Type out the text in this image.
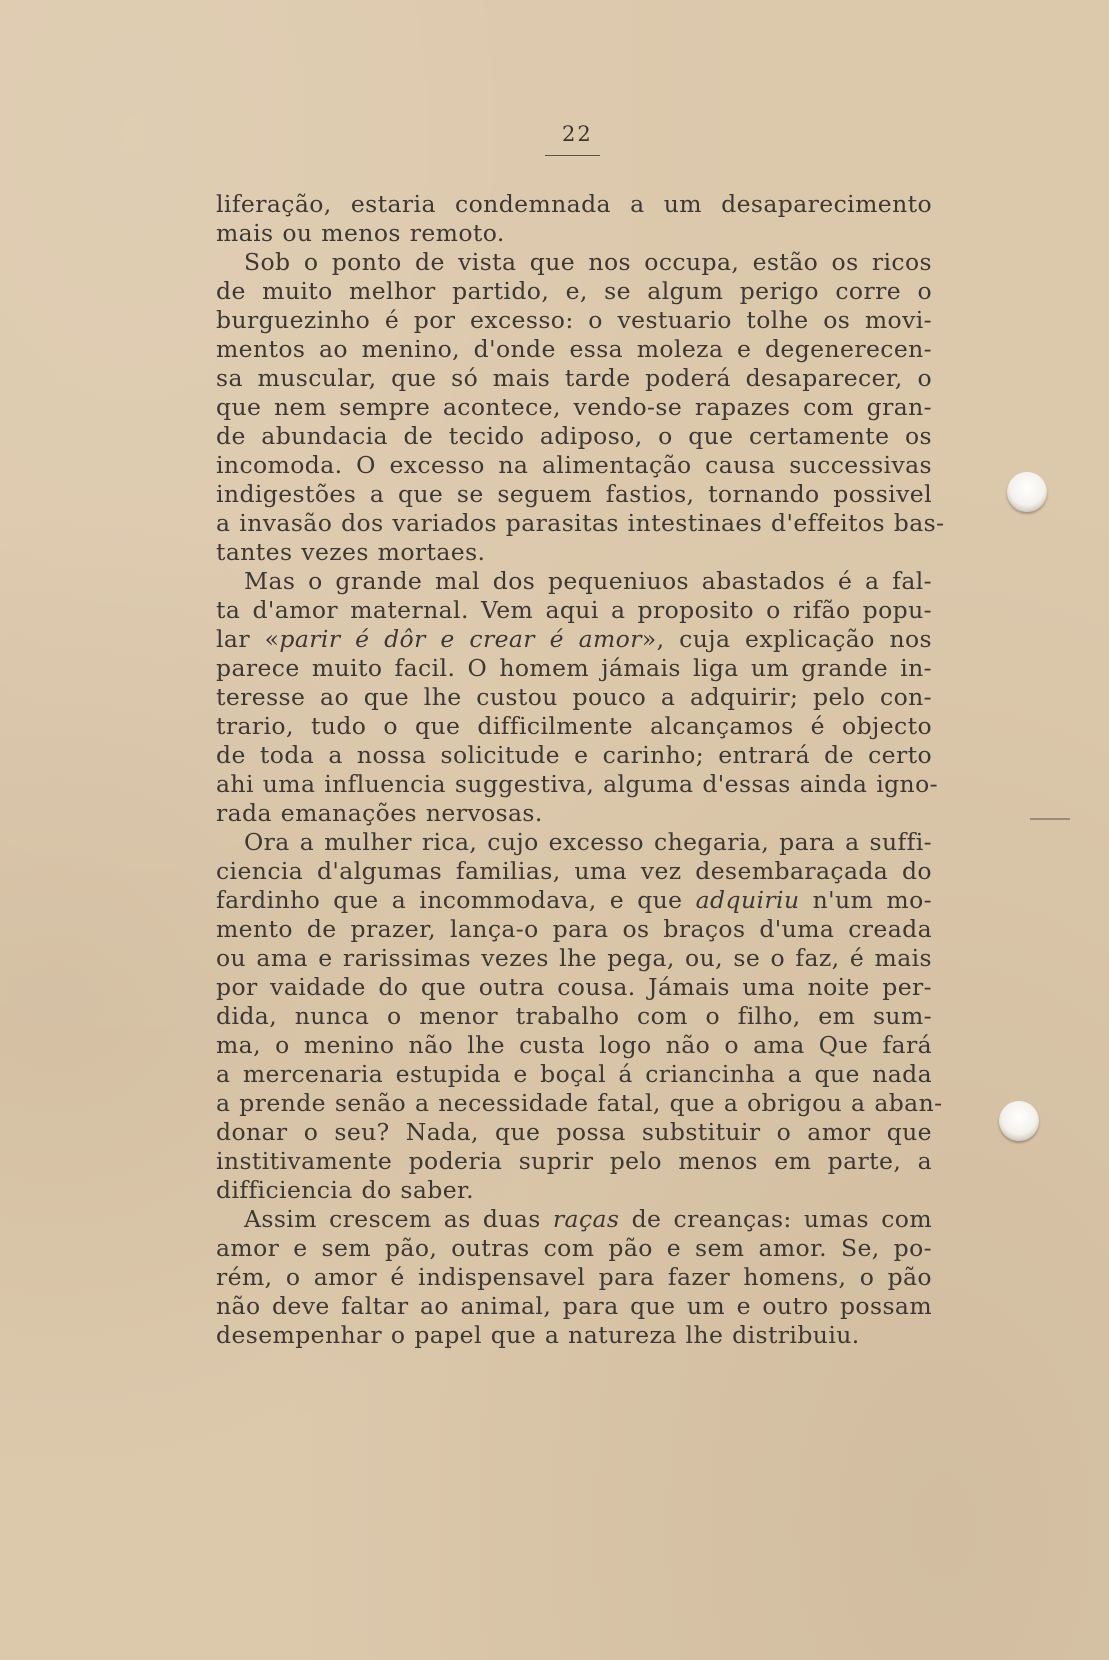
22
liferação, estaria condemnada a um desaparecimento
mais ou menos remoto.
Sob o ponto de vista que nos occupa, estão os ricos
de muito melhor partido, e, se algum perigo corre o
burguezinho é por excesso: o vestuario tolhe os movi-
mentos ao menino, d'onde essa moleza e degenerecen-
sa muscular, que só mais tarde poderá desaparecer, o
que nem sempre acontece, vendo-se rapazes com gran-
de abundacia de tecido adiposo, o que certamente os
incomoda. O excesso na alimentação causa successivas
indigestões a que se seguem fastios, tornando possivel
a invasão dos variados parasitas intestinaes d'effeitos bas-
tantes vezes mortaes.
Mas o grande mal dos pequeniuos abastados é a fal-
ta d'amor maternal. Vem aqui a proposito o rifão popu-
lar «parir é dôr e crear é amor», cuja explicação nos
parece muito facil. O homem jámais liga um grande in-
teresse ao que lhe custou pouco a adquirir; pelo con-
trario, tudo o que difficilmente alcançamos é objecto
de toda a nossa solicitude e carinho; entrará de certo
ahi uma influencia suggestiva, alguma d'essas ainda igno-
rada emanações nervosas.
Ora a mulher rica, cujo excesso chegaria, para a suffi-
ciencia d'algumas familias, uma vez desembaraçada do
fardinho que a incommodava, e que adquiriu n'um mo-
mento de prazer, lança-o para os braços d'uma creada
ou ama e rarissimas vezes lhe pega, ou, se o faz, é mais
por vaidade do que outra cousa. Jámais uma noite per-
dida, nunca o menor trabalho com o filho, em sum-
ma, o menino não lhe custa logo não o ama Que fará
a mercenaria estupida e boçal á criancinha a que nada
a prende senão a necessidade fatal, que a obrigou a aban-
donar o seu? Nada, que possa substituir o amor que
institivamente poderia suprir pelo menos em parte, a
difficiencia do saber.
Assim crescem as duas raças de creanças: umas com
amor e sem pão, outras com pão e sem amor. Se, po-
rém, o amor é indispensavel para fazer homens, o pão
não deve faltar ao animal, para que um e outro possam
desempenhar o papel que a natureza lhe distribuiu.
